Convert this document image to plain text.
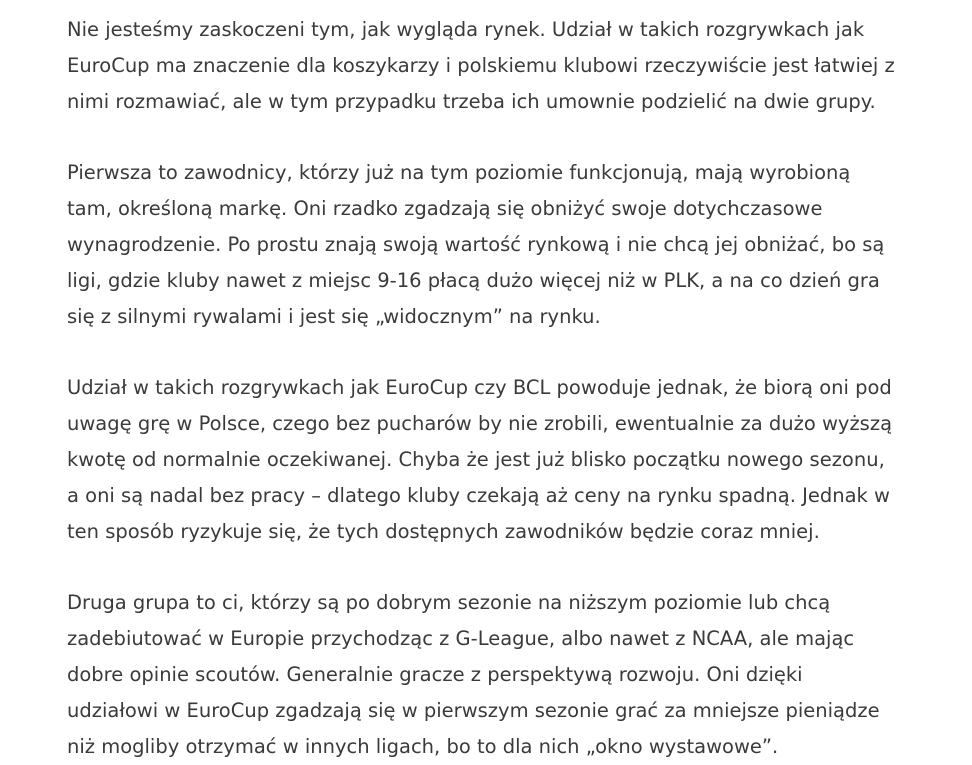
Nie jesteśmy zaskoczeni tym, jak wygląda rynek. Udział w takich rozgrywkach jak
EuroCup ma znaczenie dla koszykarzy i polskiemu klubowi rzeczywiście jest łatwiej z
nimi rozmawiać, ale w tym przypadku trzeba ich umownie podzielić na dwie grupy.

Pierwsza to zawodnicy, którzy już na tym poziomie funkcjonują, mają wyrobioną
tam, określoną markę. Oni rzadko zgadzają się obniżyć swoje dotychczasowe
wynagrodzenie. Po prostu znają swoją wartość rynkową i nie chcą jej obniżać, bo są
ligi, gdzie kluby nawet z miejsc 9-16 płacą dużo więcej niż w PLK, a na co dzień gra
się z silnymi rywalami i jest się „widocznym” na rynku.

Udział w takich rozgrywkach jak EuroCup czy BCL powoduje jednak, że biorą oni pod
uwagę grę w Polsce, czego bez pucharów by nie zrobili, ewentualnie za dużo wyższą
kwotę od normalnie oczekiwanej. Chyba że jest już blisko początku nowego sezonu,
a oni są nadal bez pracy – dlatego kluby czekają aż ceny na rynku spadną. Jednak w
ten sposób ryzykuje się, że tych dostępnych zawodników będzie coraz mniej.

Druga grupa to ci, którzy są po dobrym sezonie na niższym poziomie lub chcą
zadebiutować w Europie przychodząc z G-League, albo nawet z NCAA, ale mając
dobre opinie scoutów. Generalnie gracze z perspektywą rozwoju. Oni dzięki
udziałowi w EuroCup zgadzają się w pierwszym sezonie grać za mniejsze pieniądze
niż mogliby otrzymać w innych ligach, bo to dla nich „okno wystawowe”.
